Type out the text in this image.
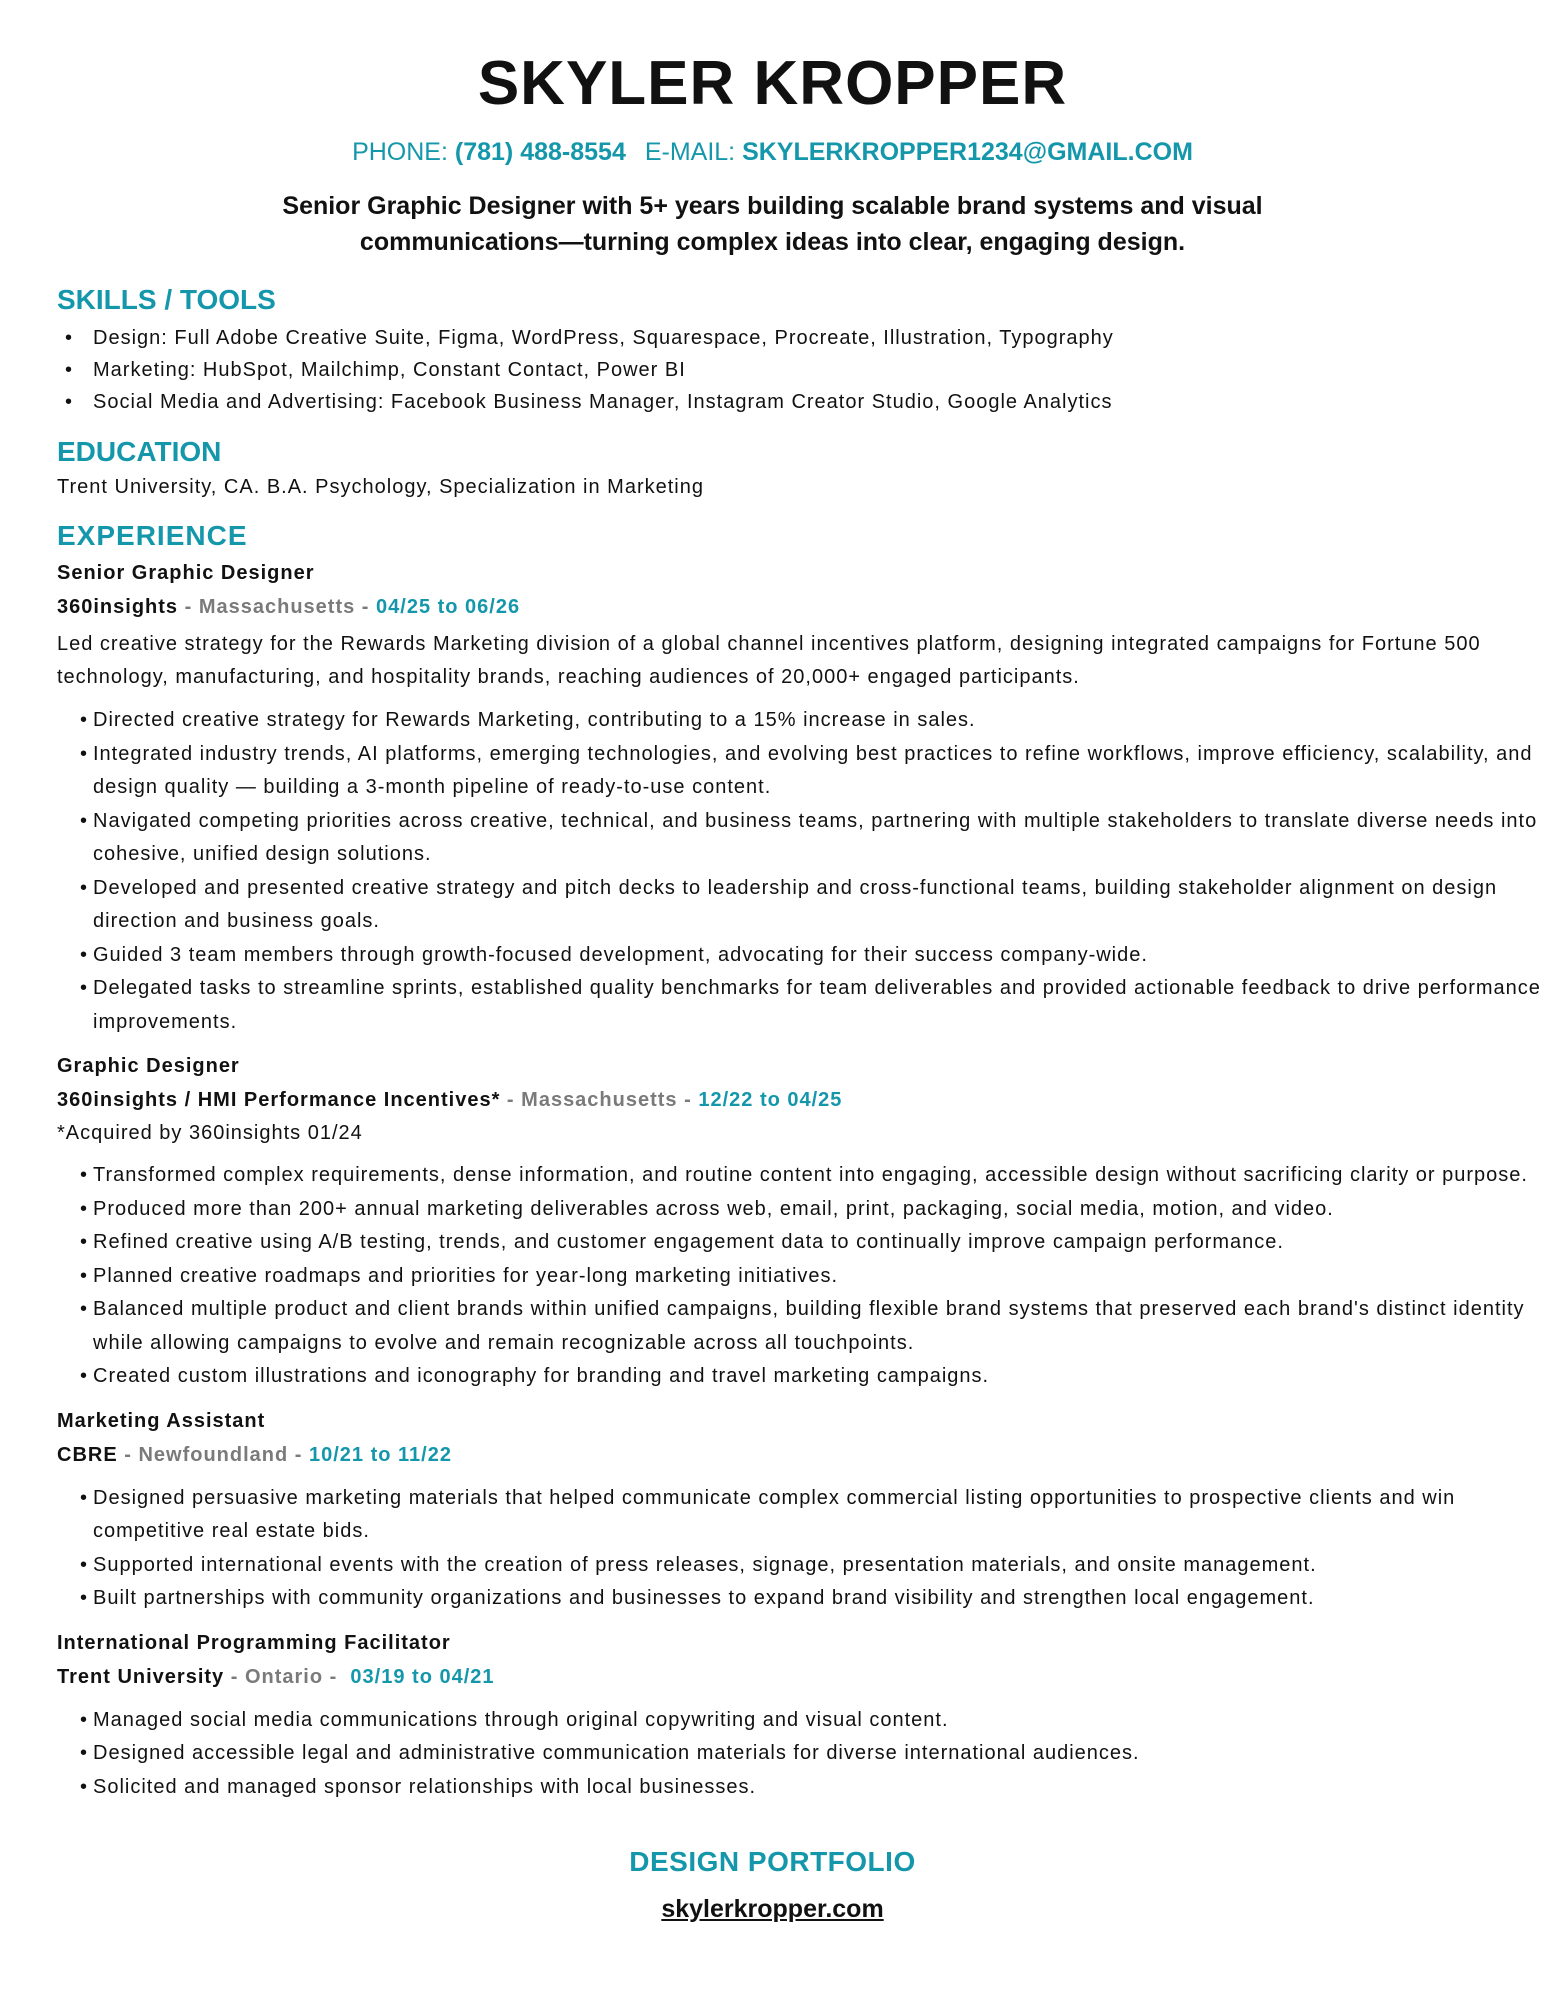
SKYLER KROPPER
PHONE: (781) 488-8554 E-MAIL: SKYLERKROPPER1234@GMAIL.COM
Senior Graphic Designer with 5+ years building scalable brand systems and visual communications—turning complex ideas into clear, engaging design.
SKILLS / TOOLS
• Design: Full Adobe Creative Suite, Figma, WordPress, Squarespace, Procreate, Illustration, Typography
• Marketing: HubSpot, Mailchimp, Constant Contact, Power BI
• Social Media and Advertising: Facebook Business Manager, Instagram Creator Studio, Google Analytics
EDUCATION
Trent University, CA. B.A. Psychology, Specialization in Marketing
EXPERIENCE
Senior Graphic Designer
360insights - Massachusetts - 04/25 to 06/26
Led creative strategy for the Rewards Marketing division of a global channel incentives platform, designing integrated campaigns for Fortune 500 technology, manufacturing, and hospitality brands, reaching audiences of 20,000+ engaged participants.
• Directed creative strategy for Rewards Marketing, contributing to a 15% increase in sales.
• Integrated industry trends, AI platforms, emerging technologies, and evolving best practices to refine workflows, improve efficiency, scalability, and design quality — building a 3-month pipeline of ready-to-use content.
• Navigated competing priorities across creative, technical, and business teams, partnering with multiple stakeholders to translate diverse needs into cohesive, unified design solutions.
• Developed and presented creative strategy and pitch decks to leadership and cross-functional teams, building stakeholder alignment on design direction and business goals.
• Guided 3 team members through growth-focused development, advocating for their success company-wide.
• Delegated tasks to streamline sprints, established quality benchmarks for team deliverables and provided actionable feedback to drive performance improvements.
Graphic Designer
360insights / HMI Performance Incentives* - Massachusetts - 12/22 to 04/25
*Acquired by 360insights 01/24
• Transformed complex requirements, dense information, and routine content into engaging, accessible design without sacrificing clarity or purpose.
• Produced more than 200+ annual marketing deliverables across web, email, print, packaging, social media, motion, and video.
• Refined creative using A/B testing, trends, and customer engagement data to continually improve campaign performance.
• Planned creative roadmaps and priorities for year-long marketing initiatives.
• Balanced multiple product and client brands within unified campaigns, building flexible brand systems that preserved each brand's distinct identity while allowing campaigns to evolve and remain recognizable across all touchpoints.
• Created custom illustrations and iconography for branding and travel marketing campaigns.
Marketing Assistant
CBRE - Newfoundland - 10/21 to 11/22
• Designed persuasive marketing materials that helped communicate complex commercial listing opportunities to prospective clients and win competitive real estate bids.
• Supported international events with the creation of press releases, signage, presentation materials, and onsite management.
• Built partnerships with community organizations and businesses to expand brand visibility and strengthen local engagement.
International Programming Facilitator
Trent University - Ontario -  03/19 to 04/21
• Managed social media communications through original copywriting and visual content.
• Designed accessible legal and administrative communication materials for diverse international audiences.
• Solicited and managed sponsor relationships with local businesses.
DESIGN PORTFOLIO
skylerkropper.com
